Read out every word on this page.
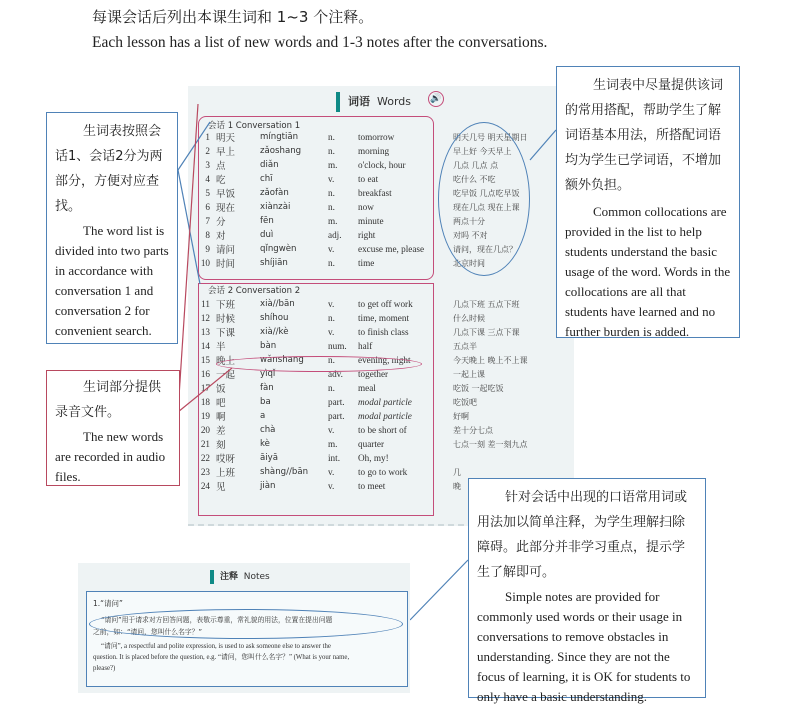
每课会话后列出本课生词和 1~3 个注释。
Each lesson has a list of new words and 1-3 notes after the conversations.
词语 Words	🔊
会话 1 Conversation 1
1	明天	míngtiān	n.	tomorrow	明天几号 明天星期日
2	早上	zǎoshang	n.	morning	早上好 今天早上
3	点	diǎn	m.	o'clock, hour	几点 几点 点
4	吃	chī	v.	to eat	吃什么 不吃
5	早饭	zǎofàn	n.	breakfast	吃早饭 几点吃早饭
6	现在	xiànzài	n.	now	现在几点 现在上课
7	分	fēn	m.	minute	两点十分
8	对	duì	adj.	right	对吗 不对
9	请问	qǐngwèn	v.	excuse me, please	请问，现在几点？
10	时间	shíjiān	n.	time	北京时间
会话 2 Conversation 2
11	下班	xià//bān	v.	to get off work	几点下班 五点下班
12	时候	shíhou	n.	time, moment	什么时候
13	下课	xià//kè	v.	to finish class	几点下课 三点下课
14	半	bàn	num.	half	五点半
15	晚上	wǎnshang	n.	evening, night	今天晚上 晚上不上课
16	一起	yìqǐ	adv.	together	一起上课
17	饭	fàn	n.	meal	吃饭 一起吃饭
18	吧	ba	part.	modal particle	吃饭吧
19	啊	a	part.	modal particle	好啊
20	差	chà	v.	to be short of	差十分七点
21	刻	kè	m.	quarter	七点一刻 差一刻九点
22	哎呀	āiyā	int.	Oh, my!	
23	上班	shàng//bān	v.	to go to work	几
24	见	jiàn	v.	to meet	晚

生词表按照会话1、会话2分为两部分，方便对应查找。

The word list is divided into two parts in accordance with conversation 1 and conversation 2 for convenient search.

生词部分提供录音文件。

The new words are recorded in audio files.

生词表中尽量提供该词的常用搭配，帮助学生了解词语基本用法，所搭配词语均为学生已学词语，不增加额外负担。

Common collocations are provided in the list to help students understand the basic usage of the word. Words in the collocations are all that students have learned and no further burden is added.

注释 Notes
1.“请问”
“请问”用于请求对方回答问题，表敬示尊重，常礼貌的用法，位置在提出问题
之前，如：“请问，您叫什么名字？”
“请问”, a respectful and polite expression, is used to ask someone else to answer the
question. It is placed before the question, e.g. “请问，您叫什么名字？” (What is your name,
please?)

针对会话中出现的口语常用词或用法加以简单注释，为学生理解扫除障碍。此部分并非学习重点，提示学生了解即可。

Simple notes are provided for commonly used words or their usage in conversations to remove obstacles in understanding. Since they are not the focus of learning, it is OK for students to only have a basic understanding.
